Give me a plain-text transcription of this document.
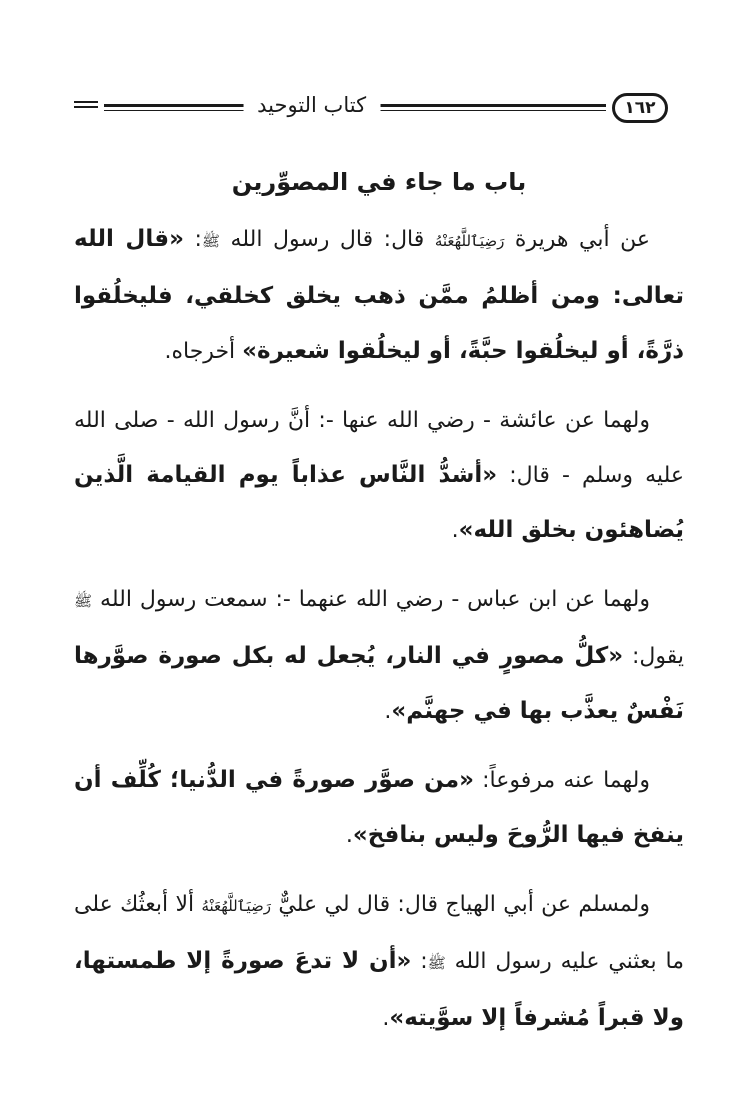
كتاب التوحيد	١٦٢
باب ما جاء في المصوِّرين

عن أبي هريرة رَضِيَٱللَّهُعَنْهُ قال: قال رسول الله ﷺ: «قال الله تعالى: ومن أظلمُ ممَّن ذهب يخلق كخلقي، فليخلُقوا ذرَّةً، أو ليخلُقوا حبَّةً، أو ليخلُقوا شعيرة» أخرجاه.

ولهما عن عائشة - رضي الله عنها -: أنَّ رسول الله - صلى الله عليه وسلم - قال: «أشدُّ النَّاس عذاباً يوم القيامة الَّذين يُضاهئون بخلق الله».

ولهما عن ابن عباس - رضي الله عنهما -: سمعت رسول الله ﷺ يقول: «كلُّ مصورٍ في النار، يُجعل له بكل صورة صوَّرها نَفْسٌ يعذَّب بها في جهنَّم».

ولهما عنه مرفوعاً: «من صوَّر صورةً في الدُّنيا؛ كُلِّف أن ينفخ فيها الرُّوحَ وليس بنافخ».

ولمسلم عن أبي الهياج قال: قال لي عليٌّ رَضِيَٱللَّهُعَنْهُ ألا أبعثُك على ما بعثني عليه رسول الله ﷺ: «أن لا تدعَ صورةً إلا طمستها، ولا قبراً مُشرفاً إلا سوَّيته».
